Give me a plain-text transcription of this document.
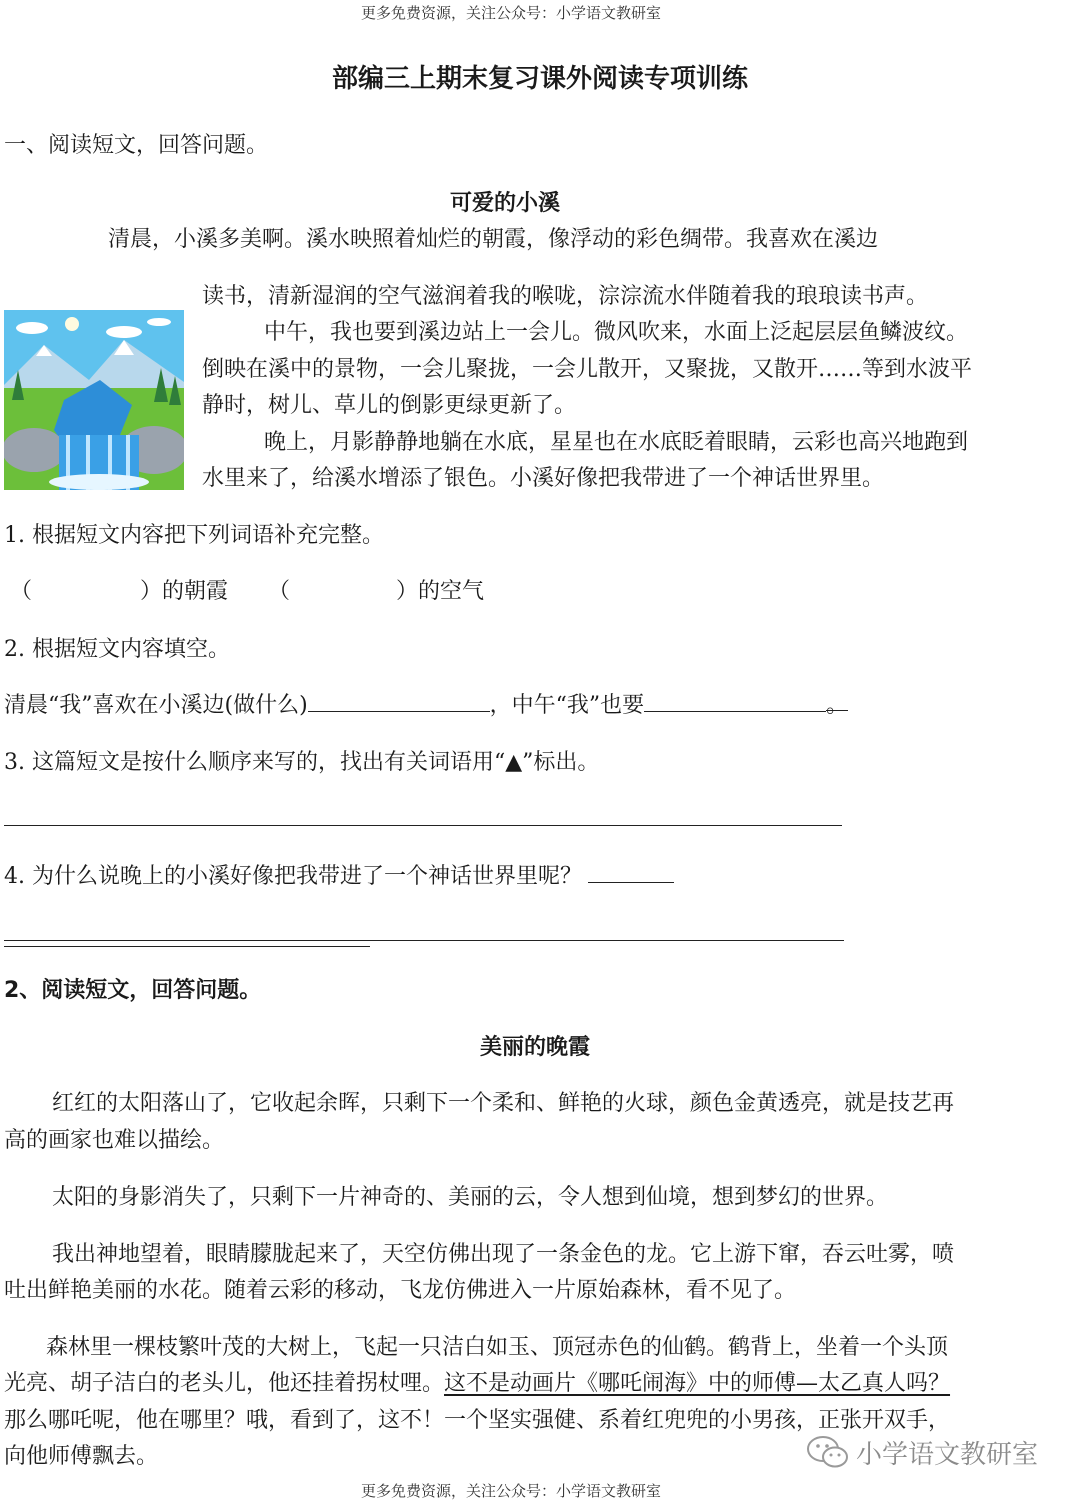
更多免费资源，关注公众号：小学语文教研室
部编三上期末复习课外阅读专项训练
一、阅读短文，回答问题。
可爱的小溪
清晨，小溪多美啊。溪水映照着灿烂的朝霞，像浮动的彩色绸带。我喜欢在溪边
读书，清新湿润的空气滋润着我的喉咙，淙淙流水伴随着我的琅琅读书声。
中午，我也要到溪边站上一会儿。微风吹来，水面上泛起层层鱼鳞波纹。
倒映在溪中的景物，一会儿聚拢，一会儿散开，又聚拢，又散开……等到水波平
静时，树儿、草儿的倒影更绿更新了。
晚上，月影静静地躺在水底，星星也在水底眨着眼睛，云彩也高兴地跑到
水里来了，给溪水增添了银色。小溪好像把我带进了一个神话世界里。
1. 根据短文内容把下列词语补充完整。
（	）的朝霞 （	）的空气
2. 根据短文内容填空。
清晨“我”喜欢在小溪边(做什么)	，中午“我”也要	。
3. 这篇短文是按什么顺序来写的，找出有关词语用“▲”标出。
4. 为什么说晚上的小溪好像把我带进了一个神话世界里呢？
2、阅读短文，回答问题。
美丽的晚霞
红红的太阳落山了，它收起余晖，只剩下一个柔和、鲜艳的火球，颜色金黄透亮，就是技艺再
高的画家也难以描绘。
太阳的身影消失了，只剩下一片神奇的、美丽的云，令人想到仙境，想到梦幻的世界。
我出神地望着，眼睛朦胧起来了，天空仿佛出现了一条金色的龙。它上游下窜，吞云吐雾，喷
吐出鲜艳美丽的水花。随着云彩的移动，飞龙仿佛进入一片原始森林，看不见了。
森林里一棵枝繁叶茂的大树上，飞起一只洁白如玉、顶冠赤色的仙鹤。鹤背上，坐着一个头顶
光亮、胡子洁白的老头儿，他还挂着拐杖哩。这不是动画片《哪吒闹海》中的师傅—太乙真人吗？
那么哪吒呢，他在哪里？哦，看到了，这不！一个坚实强健、系着红兜兜的小男孩，正张开双手，
向他师傅飘去。	小学语文教研室
更多免费资源，关注公众号：小学语文教研室
